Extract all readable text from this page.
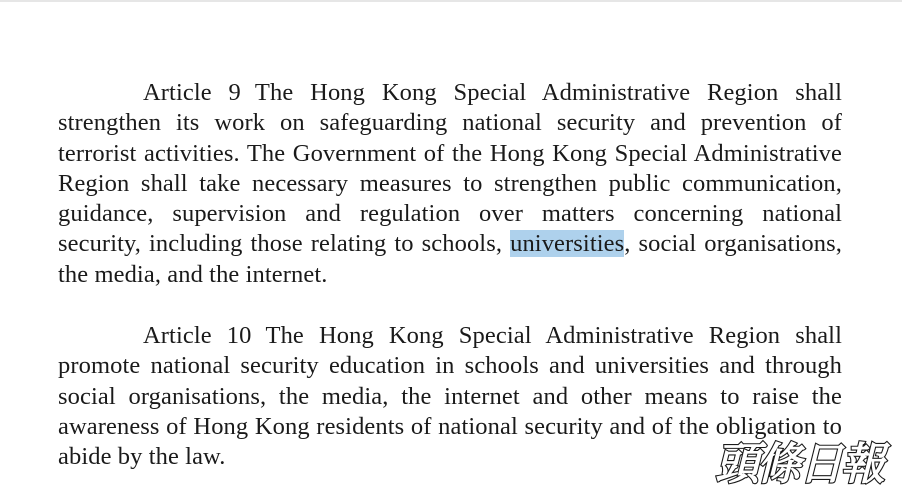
Article 9 The Hong Kong Special Administrative Region shall strengthen its work on safeguarding national security and prevention of terrorist activities. The Government of the Hong Kong Special Administrative Region shall take necessary measures to strengthen public communication, guidance, supervision and regulation over matters concerning national security, including those relating to schools, universities, social organisations, the media, and the internet.

Article 10 The Hong Kong Special Administrative Region shall promote national security education in schools and universities and through social organisations, the media, the internet and other means to raise the awareness of Hong Kong residents of national security and of the obligation to abide by the law.	頭條日報
